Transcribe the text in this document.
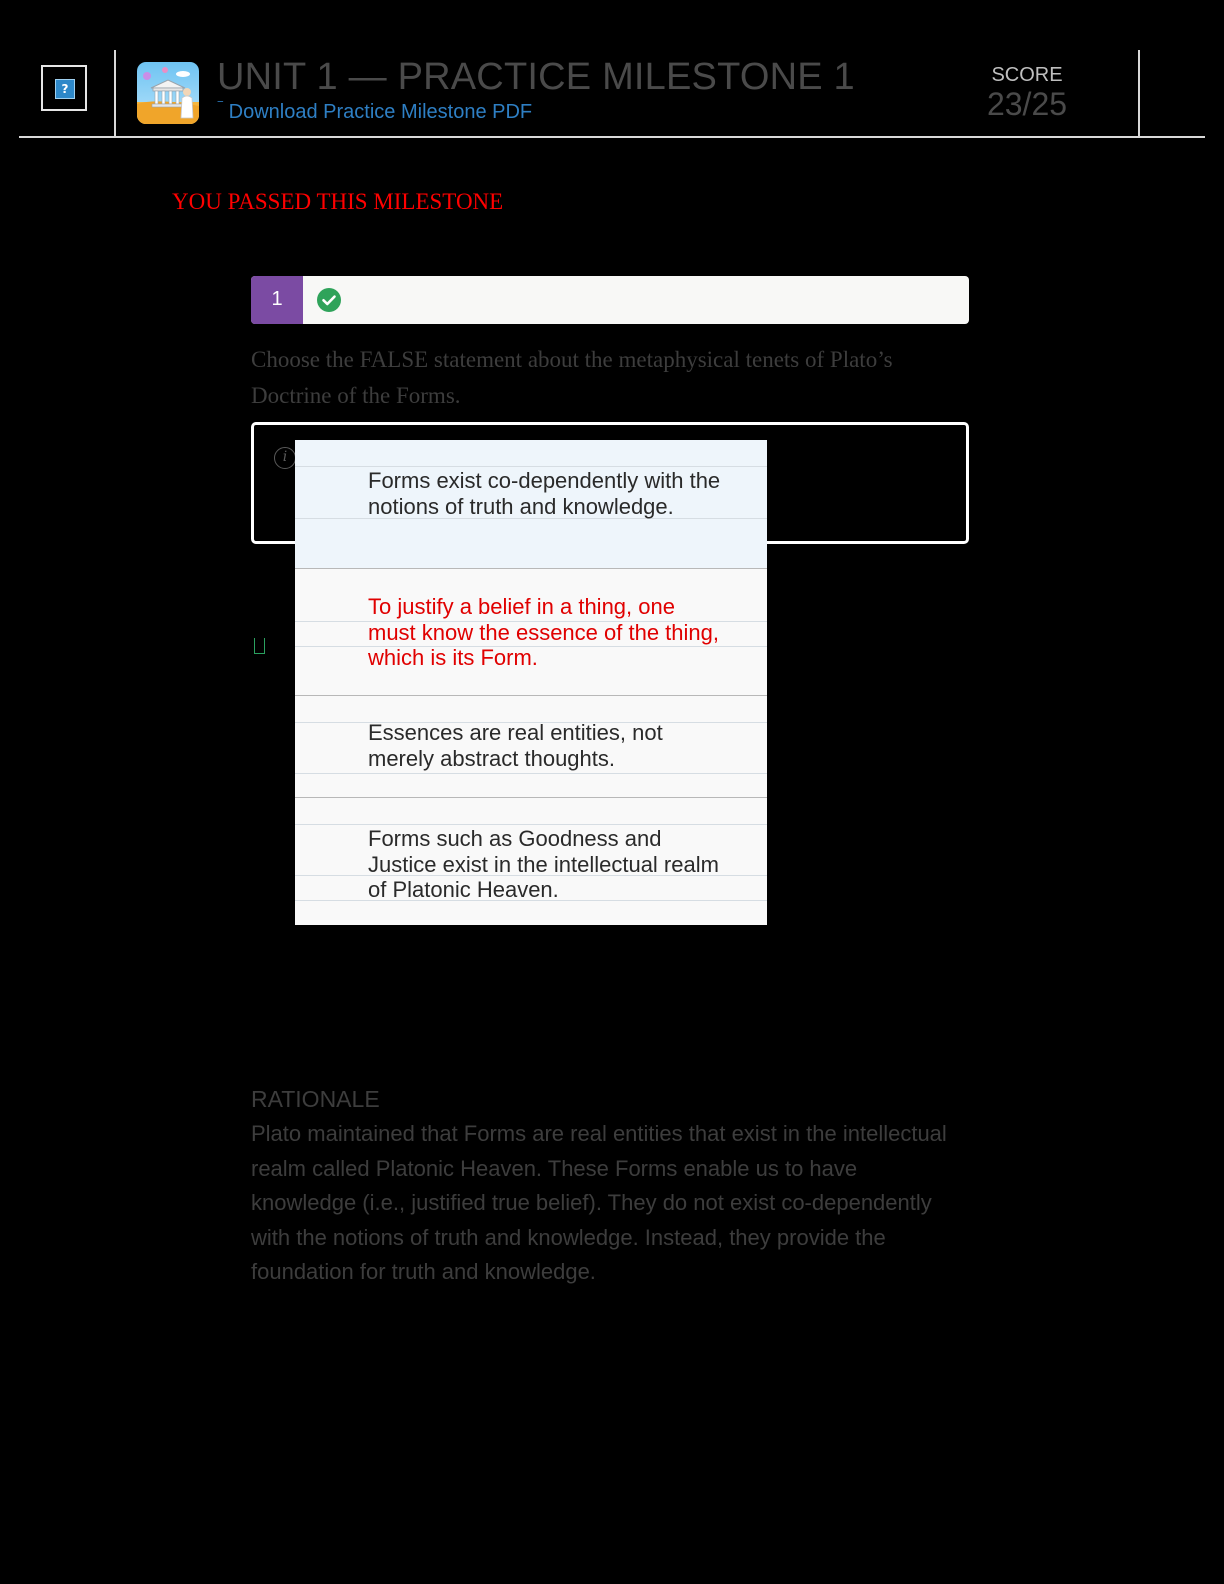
?	UNIT 1 — PRACTICE MILESTONE 1
‾ Download Practice Milestone PDF
SCORE
23/25
YOU PASSED THIS MILESTONE
1
Choose the FALSE statement about the metaphysical tenets of Plato’s Doctrine of the Forms.
i
Forms exist co-dependently with the notions of truth and knowledge.
To justify a belief in a thing, one must know the essence of the thing, which is its Form.
Essences are real entities, not merely abstract thoughts.
Forms such as Goodness and Justice exist in the intellectual realm of Platonic Heaven.
RATIONALE
Plato maintained that Forms are real entities that exist in the intellectual realm called Platonic Heaven. These Forms enable us to have knowledge (i.e., justified true belief). They do not exist co-dependently with the notions of truth and knowledge. Instead, they provide the foundation for truth and knowledge.
